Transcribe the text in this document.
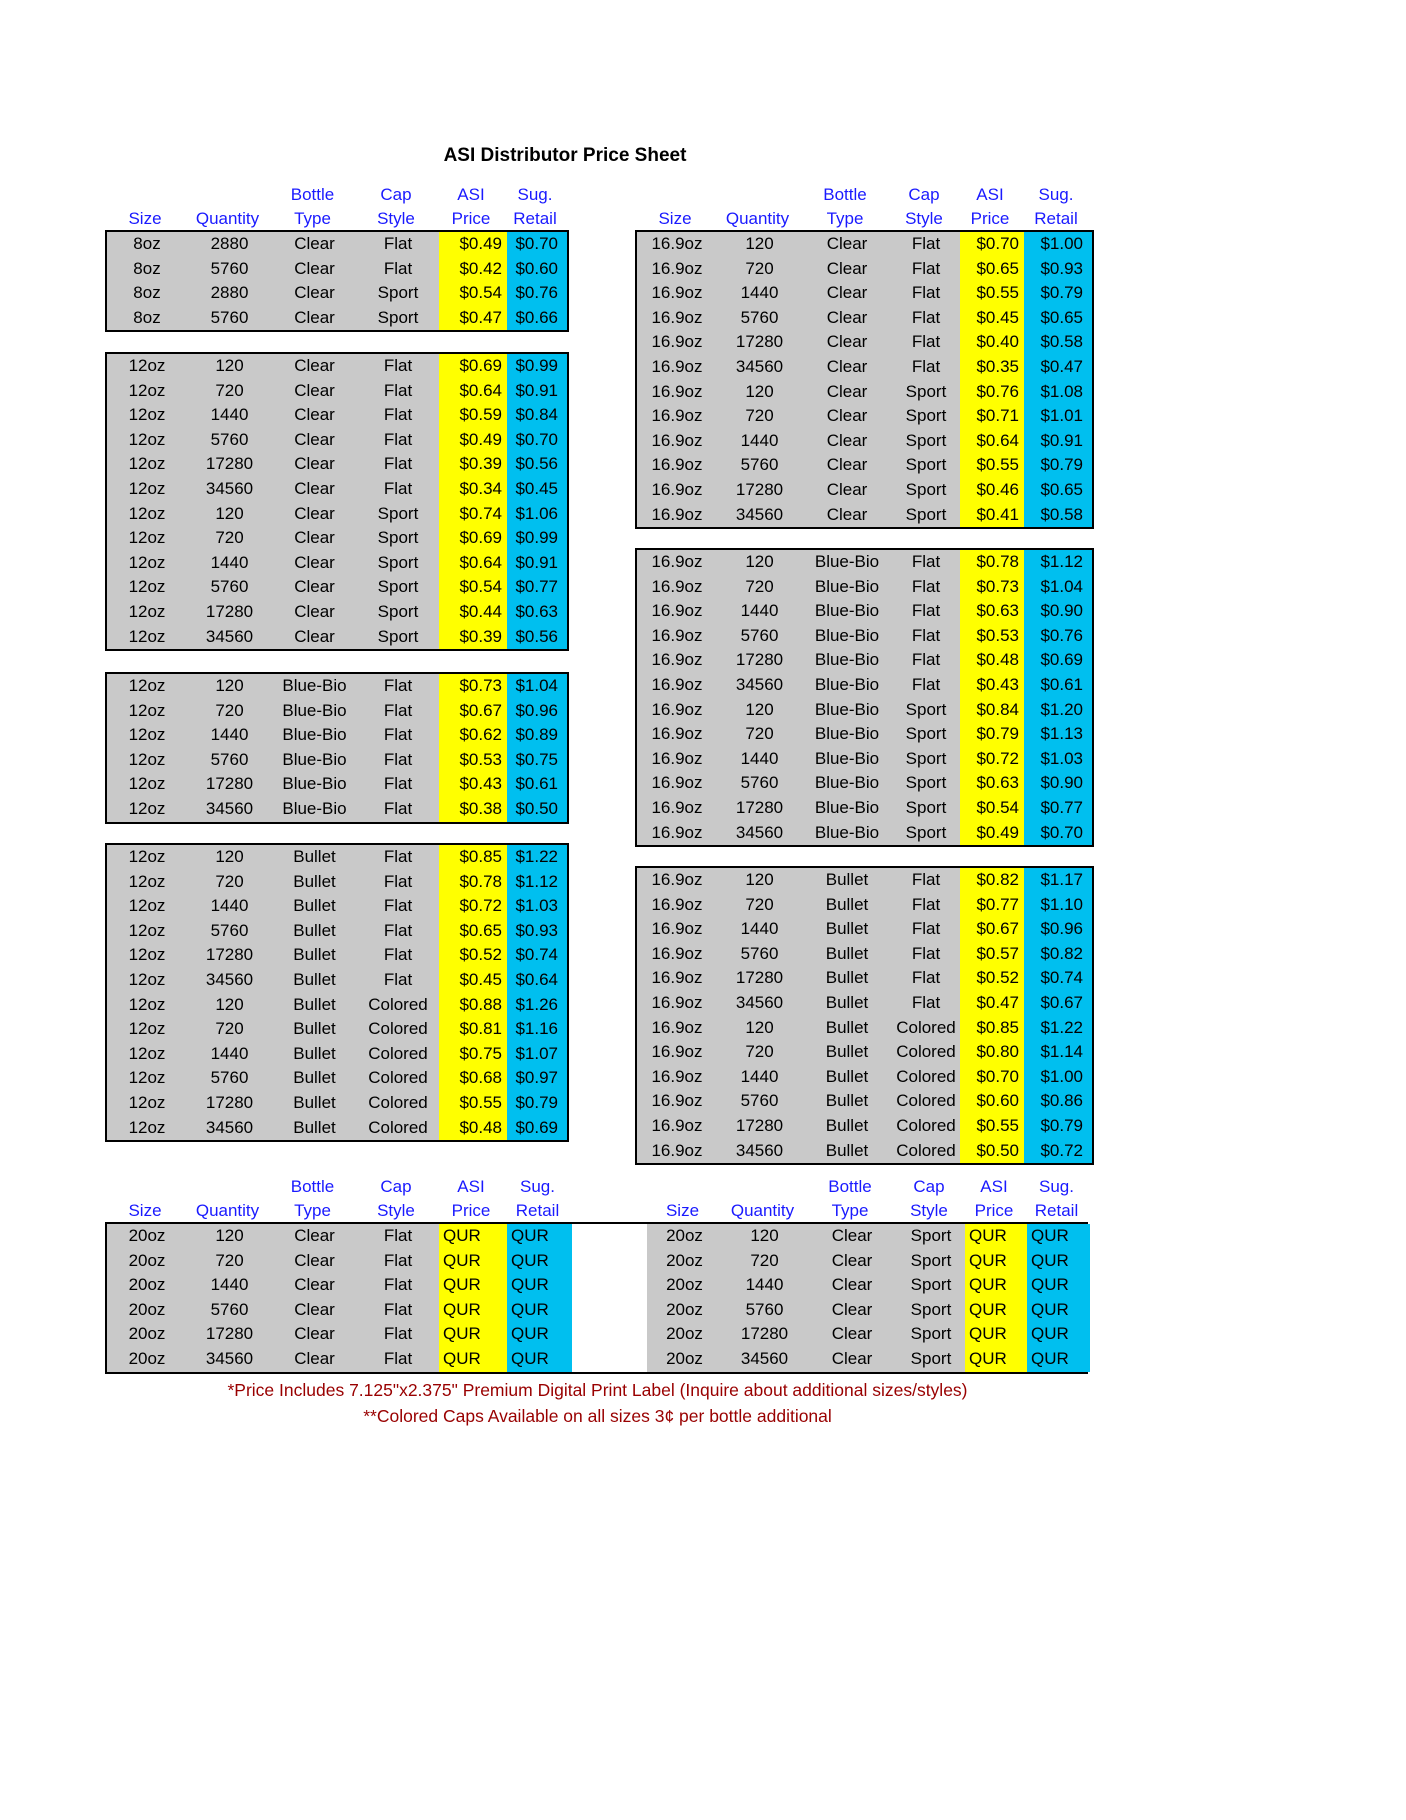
ASI Distributor Price Sheet
Bottle	Cap	ASI	Sug.
Size	Quantity	Type	Style	Price	Retail
Bottle	Cap	ASI	Sug.
Size	Quantity	Type	Style	Price	Retail
8oz	2880	Clear	Flat	$0.49 $0.70
8oz	5760	Clear	Flat	$0.42 $0.60
8oz	2880	Clear	Sport	$0.54 $0.76
8oz	5760	Clear	Sport	$0.47 $0.66
12oz	120	Clear	Flat	$0.69 $0.99
12oz	720	Clear	Flat	$0.64 $0.91
12oz	1440	Clear	Flat	$0.59 $0.84
12oz	5760	Clear	Flat	$0.49 $0.70
12oz	17280	Clear	Flat	$0.39 $0.56
12oz	34560	Clear	Flat	$0.34 $0.45
12oz	120	Clear	Sport	$0.74 $1.06
12oz	720	Clear	Sport	$0.69 $0.99
12oz	1440	Clear	Sport	$0.64 $0.91
12oz	5760	Clear	Sport	$0.54 $0.77
12oz	17280	Clear	Sport	$0.44 $0.63
12oz	34560	Clear	Sport	$0.39 $0.56
12oz	120	Blue-Bio	Flat	$0.73 $1.04
12oz	720	Blue-Bio	Flat	$0.67 $0.96
12oz	1440	Blue-Bio	Flat	$0.62 $0.89
12oz	5760	Blue-Bio	Flat	$0.53 $0.75
12oz	17280	Blue-Bio	Flat	$0.43 $0.61
12oz	34560	Blue-Bio	Flat	$0.38 $0.50
12oz	120	Bullet	Flat	$0.85 $1.22
12oz	720	Bullet	Flat	$0.78 $1.12
12oz	1440	Bullet	Flat	$0.72 $1.03
12oz	5760	Bullet	Flat	$0.65 $0.93
12oz	17280	Bullet	Flat	$0.52 $0.74
12oz	34560	Bullet	Flat	$0.45 $0.64
12oz	120	Bullet	Colored	$0.88 $1.26
12oz	720	Bullet	Colored	$0.81 $1.16
12oz	1440	Bullet	Colored	$0.75 $1.07
12oz	5760	Bullet	Colored	$0.68 $0.97
12oz	17280	Bullet	Colored	$0.55 $0.79
12oz	34560	Bullet	Colored	$0.48 $0.69
16.9oz	120	Clear	Flat	$0.70	$1.00
16.9oz	720	Clear	Flat	$0.65	$0.93
16.9oz	1440	Clear	Flat	$0.55	$0.79
16.9oz	5760	Clear	Flat	$0.45	$0.65
16.9oz	17280	Clear	Flat	$0.40	$0.58
16.9oz	34560	Clear	Flat	$0.35	$0.47
16.9oz	120	Clear	Sport	$0.76	$1.08
16.9oz	720	Clear	Sport	$0.71	$1.01
16.9oz	1440	Clear	Sport	$0.64	$0.91
16.9oz	5760	Clear	Sport	$0.55	$0.79
16.9oz	17280	Clear	Sport	$0.46	$0.65
16.9oz	34560	Clear	Sport	$0.41	$0.58
16.9oz	120	Blue-Bio	Flat	$0.78	$1.12
16.9oz	720	Blue-Bio	Flat	$0.73	$1.04
16.9oz	1440	Blue-Bio	Flat	$0.63	$0.90
16.9oz	5760	Blue-Bio	Flat	$0.53	$0.76
16.9oz	17280	Blue-Bio	Flat	$0.48	$0.69
16.9oz	34560	Blue-Bio	Flat	$0.43	$0.61
16.9oz	120	Blue-Bio	Sport	$0.84	$1.20
16.9oz	720	Blue-Bio	Sport	$0.79	$1.13
16.9oz	1440	Blue-Bio	Sport	$0.72	$1.03
16.9oz	5760	Blue-Bio	Sport	$0.63	$0.90
16.9oz	17280	Blue-Bio	Sport	$0.54	$0.77
16.9oz	34560	Blue-Bio	Sport	$0.49	$0.70
16.9oz	120	Bullet	Flat	$0.82	$1.17
16.9oz	720	Bullet	Flat	$0.77	$1.10
16.9oz	1440	Bullet	Flat	$0.67	$0.96
16.9oz	5760	Bullet	Flat	$0.57	$0.82
16.9oz	17280	Bullet	Flat	$0.52	$0.74
16.9oz	34560	Bullet	Flat	$0.47	$0.67
16.9oz	120	Bullet	Colored	$0.85	$1.22
16.9oz	720	Bullet	Colored	$0.80	$1.14
16.9oz	1440	Bullet	Colored	$0.70	$1.00
16.9oz	5760	Bullet	Colored	$0.60	$0.86
16.9oz	17280	Bullet	Colored	$0.55	$0.79
16.9oz	34560	Bullet	Colored	$0.50	$0.72
Bottle	Cap	ASI	Sug.
Size	Quantity	Type	Style	Price	Retail
Bottle	Cap	ASI	Sug.
Size	Quantity	Type	Style	Price	Retail
20oz	120	Clear	Flat	QUR	QUR
20oz	720	Clear	Flat	QUR	QUR
20oz	1440	Clear	Flat	QUR	QUR
20oz	5760	Clear	Flat	QUR	QUR
20oz	17280	Clear	Flat	QUR	QUR
20oz	34560	Clear	Flat	QUR	QUR
20oz	120	Clear	Sport	QUR	QUR
20oz	720	Clear	Sport	QUR	QUR
20oz	1440	Clear	Sport	QUR	QUR
20oz	5760	Clear	Sport	QUR	QUR
20oz	17280	Clear	Sport	QUR	QUR
20oz	34560	Clear	Sport	QUR	QUR
*Price Includes 7.125"x2.375" Premium Digital Print Label (Inquire about additional sizes/styles)
**Colored Caps Available on all sizes 3¢ per bottle additional
